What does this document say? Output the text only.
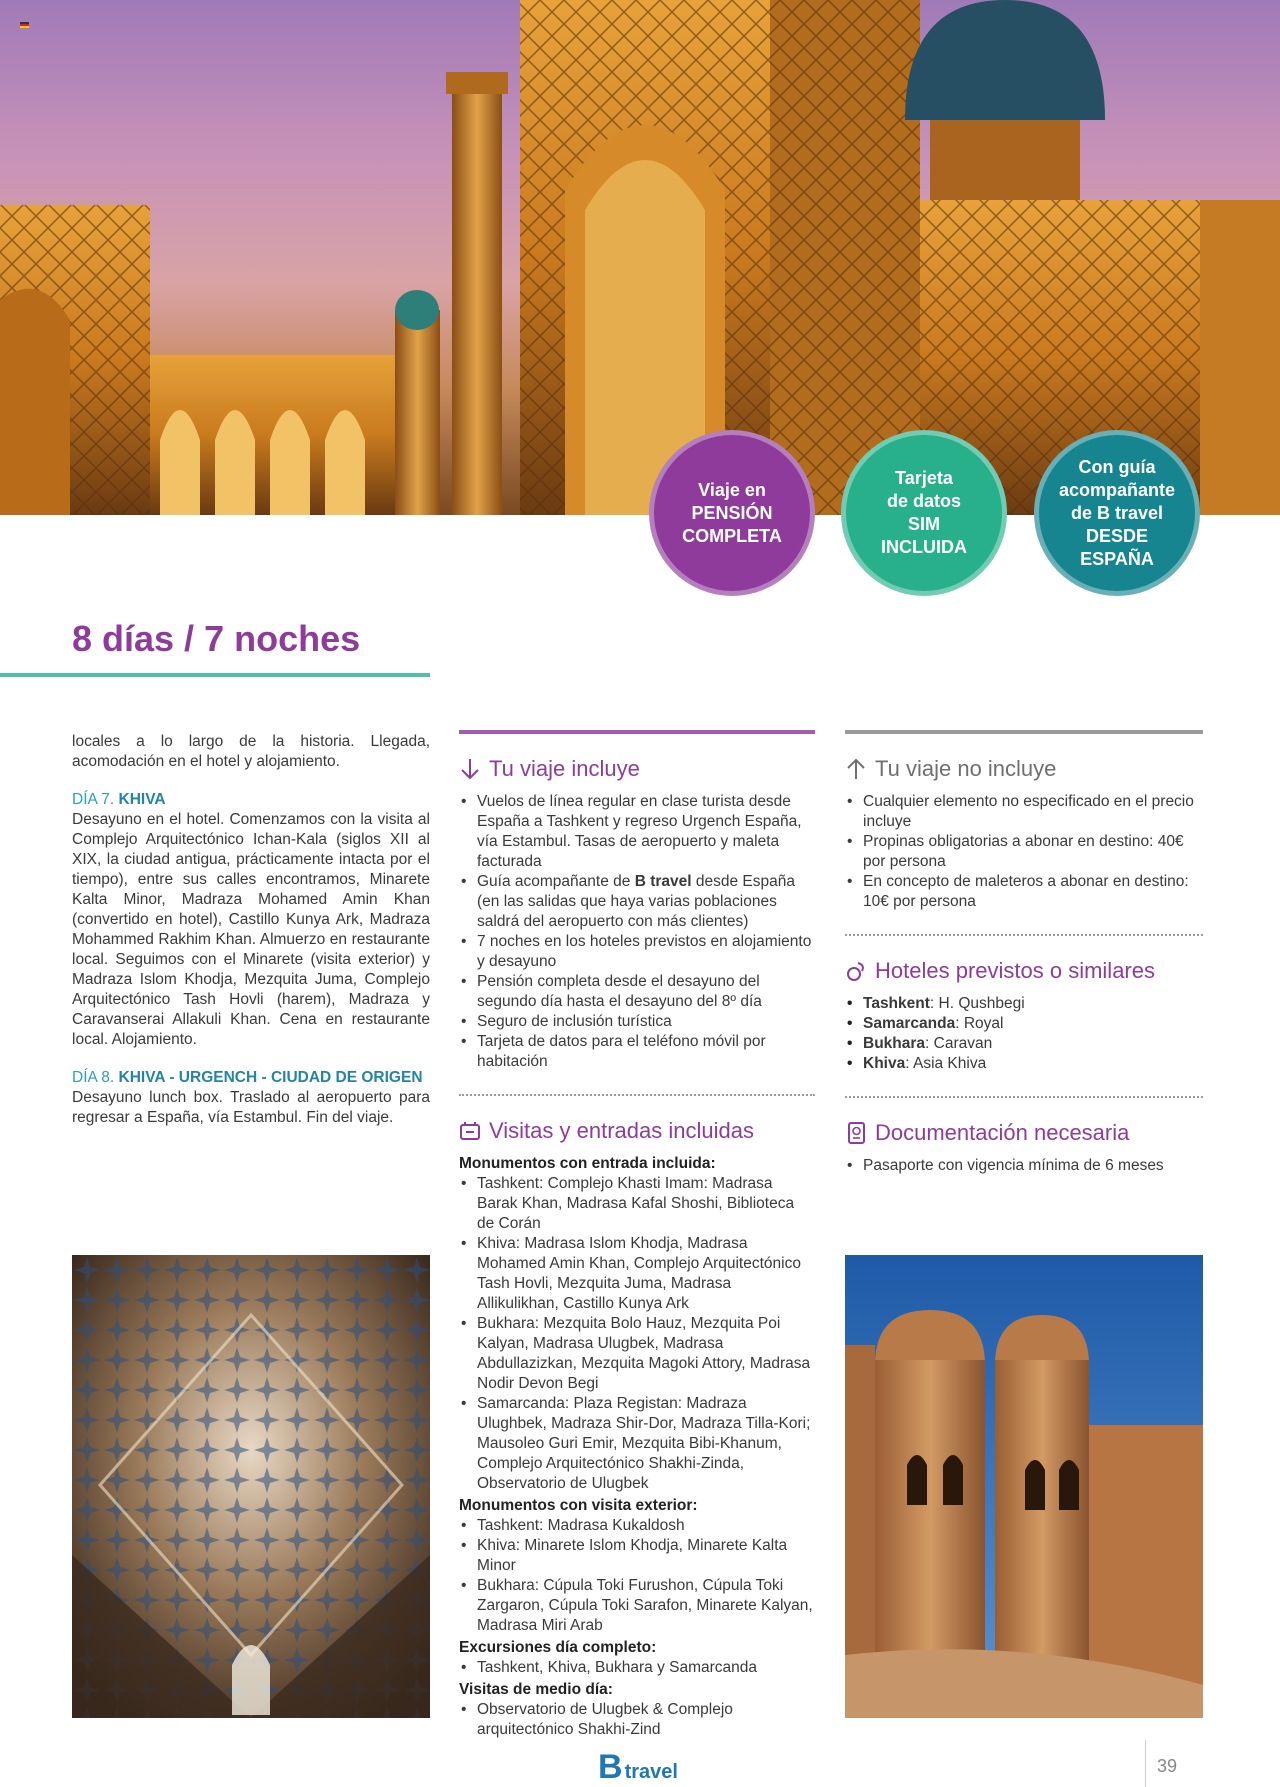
Viaje en
PENSIÓN
COMPLETA
Tarjeta
de datos
SIM
INCLUIDA
Con guía
acompañante
de B travel
DESDE
ESPAÑA
8 días / 7 noches

locales a lo largo de la historia. Llegada, acomodación en el hotel y alojamiento.

DÍA 7. KHIVA

Desayuno en el hotel. Comenzamos con la visita al Complejo Arquitectónico Ichan-Kala (siglos XII al XIX, la ciudad antigua, prácticamente intacta por el tiempo), entre sus calles encontramos, Minarete Kalta Minor, Madraza Mohamed Amin Khan (convertido en hotel), Castillo Kunya Ark, Madraza Mohammed Rakhim Khan. Almuerzo en restaurante local. Seguimos con el Minarete (visita exterior) y Madraza Islom Khodja, Mezquita Juma, Complejo Arquitectónico Tash Hovli (harem), Madraza y Caravanserai Allakuli Khan. Cena en restaurante local. Alojamiento.

DÍA 8. KHIVA - URGENCH - CIUDAD DE ORIGEN

Desayuno lunch box. Traslado al aeropuerto para regresar a España, vía Estambul. Fin del viaje.

Tu viaje incluye
• Vuelos de línea regular en clase turista desde España a Tashkent y regreso Urgench España, vía Estambul. Tasas de aeropuerto y maleta facturada
• Guía acompañante de B travel desde España (en las salidas que haya varias poblaciones saldrá del aeropuerto con más clientes)
• 7 noches en los hoteles previstos en alojamiento y desayuno
• Pensión completa desde el desayuno del segundo día hasta el desayuno del 8º día
• Seguro de inclusión turística
• Tarjeta de datos para el teléfono móvil por habitación
Visitas y entradas incluidas

Monumentos con entrada incluida:

• Tashkent: Complejo Khasti Imam: Madrasa Barak Khan, Madrasa Kafal Shoshi, Biblioteca de Corán
• Khiva: Madrasa Islom Khodja, Madrasa Mohamed Amin Khan, Complejo Arquitectónico Tash Hovli, Mezquita Juma, Madrasa Allikulikhan, Castillo Kunya Ark
• Bukhara: Mezquita Bolo Hauz, Mezquita Poi Kalyan, Madrasa Ulugbek, Madrasa Abdullazizkan, Mezquita Magoki Attory, Madrasa Nodir Devon Begi
• Samarcanda: Plaza Registan: Madraza Ulughbek, Madraza Shir-Dor, Madraza Tilla-Kori; Mausoleo Guri Emir, Mezquita Bibi-Khanum, Complejo Arquitectónico Shakhi-Zinda, Observatorio de Ulugbek

Monumentos con visita exterior:

• Tashkent: Madrasa Kukaldosh
• Khiva: Minarete Islom Khodja, Minarete Kalta Minor
• Bukhara: Cúpula Toki Furushon, Cúpula Toki Zargaron, Cúpula Toki Sarafon, Minarete Kalyan, Madrasa Miri Arab

Excursiones día completo:

• Tashkent, Khiva, Bukhara y Samarcanda

Visitas de medio día:

• Observatorio de Ulugbek & Complejo arquitectónico Shakhi-Zind
Tu viaje no incluye
• Cualquier elemento no especificado en el precio incluye
• Propinas obligatorias a abonar en destino: 40€ por persona
• En concepto de maleteros a abonar en destino: 10€ por persona
Hoteles previstos o similares
• Tashkent: H. Qushbegi
• Samarcanda: Royal
• Bukhara: Caravan
• Khiva: Asia Khiva
Documentación necesaria
• Pasaporte con vigencia mínima de 6 meses
B travel	39
